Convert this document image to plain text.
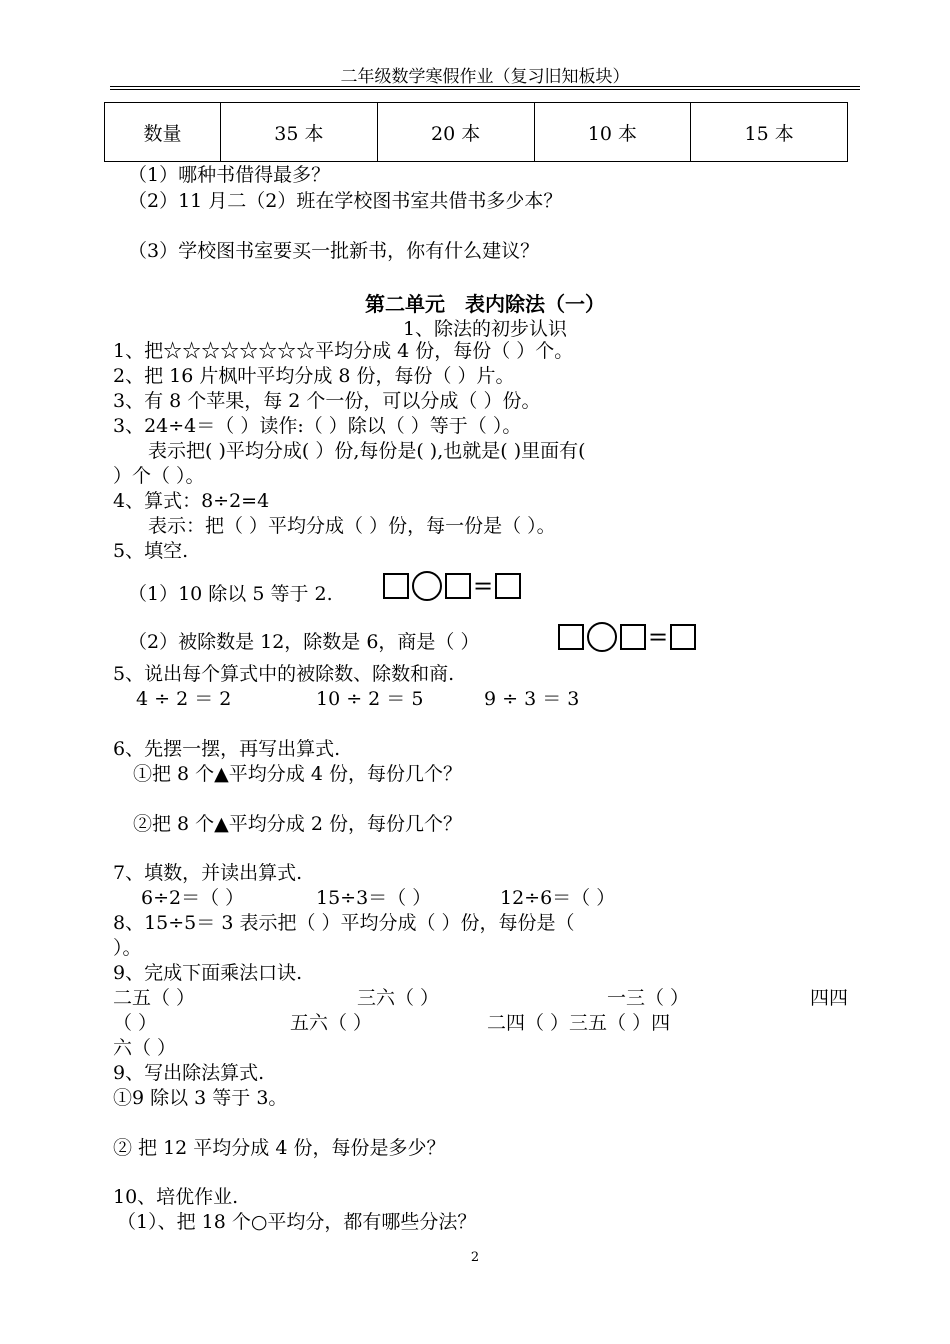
二年级数学寒假作业（复习旧知板块）
数量	35 本	20 本	10 本	15 本
（1）哪种书借得最多？
（2）11 月二（2）班在学校图书室共借书多少本？
（3）学校图书室要买一批新书，你有什么建议？
第二单元　表内除法（一）
1、除法的初步认识
1、把☆☆☆☆☆☆☆☆平均分成 4 份，每份（ ）个。
2、把 16 片枫叶平均分成 8 份，每份（ ）片。
3、有 8 个苹果，每 2 个一份，可以分成（ ）份。
3、24÷4＝（ ）读作:（ ）除以（ ）等于（ ）。
表示把( )平均分成( ）份,每份是( ),也就是( )里面有(
）个（ ）。
4、算式：8÷2=4
表示：把（ ）平均分成（ ）份，每一份是（ ）。
5、填空.
（1）10 除以 5 等于 2.	=
（2）被除数是 12，除数是 6，商是（ ）	=
5、说出每个算式中的被除数、除数和商.
4 ÷ 2 ＝ 2	10 ÷ 2 ＝ 5	9 ÷ 3 ＝ 3
6、先摆一摆，再写出算式.
①把 8 个▲平均分成 4 份，每份几个？
②把 8 个▲平均分成 2 份，每份几个？
7、填数，并读出算式.
6÷2＝（ ）	15÷3＝（ ）	12÷6＝（ ）
8、15÷5＝ 3 表示把（ ）平均分成（ ）份，每份是（
）。
9、完成下面乘法口诀.
二五（ ）	三六（ ）	一三（ ）	四四
（ ）	五六（ ）	二四（ ）三五（ ）四
六（ ）
9、写出除法算式.
①9 除以 3 等于 3。
② 把 12 平均分成 4 份，每份是多少？
10、培优作业.
（1）、把 18 个○平均分，都有哪些分法？
2
